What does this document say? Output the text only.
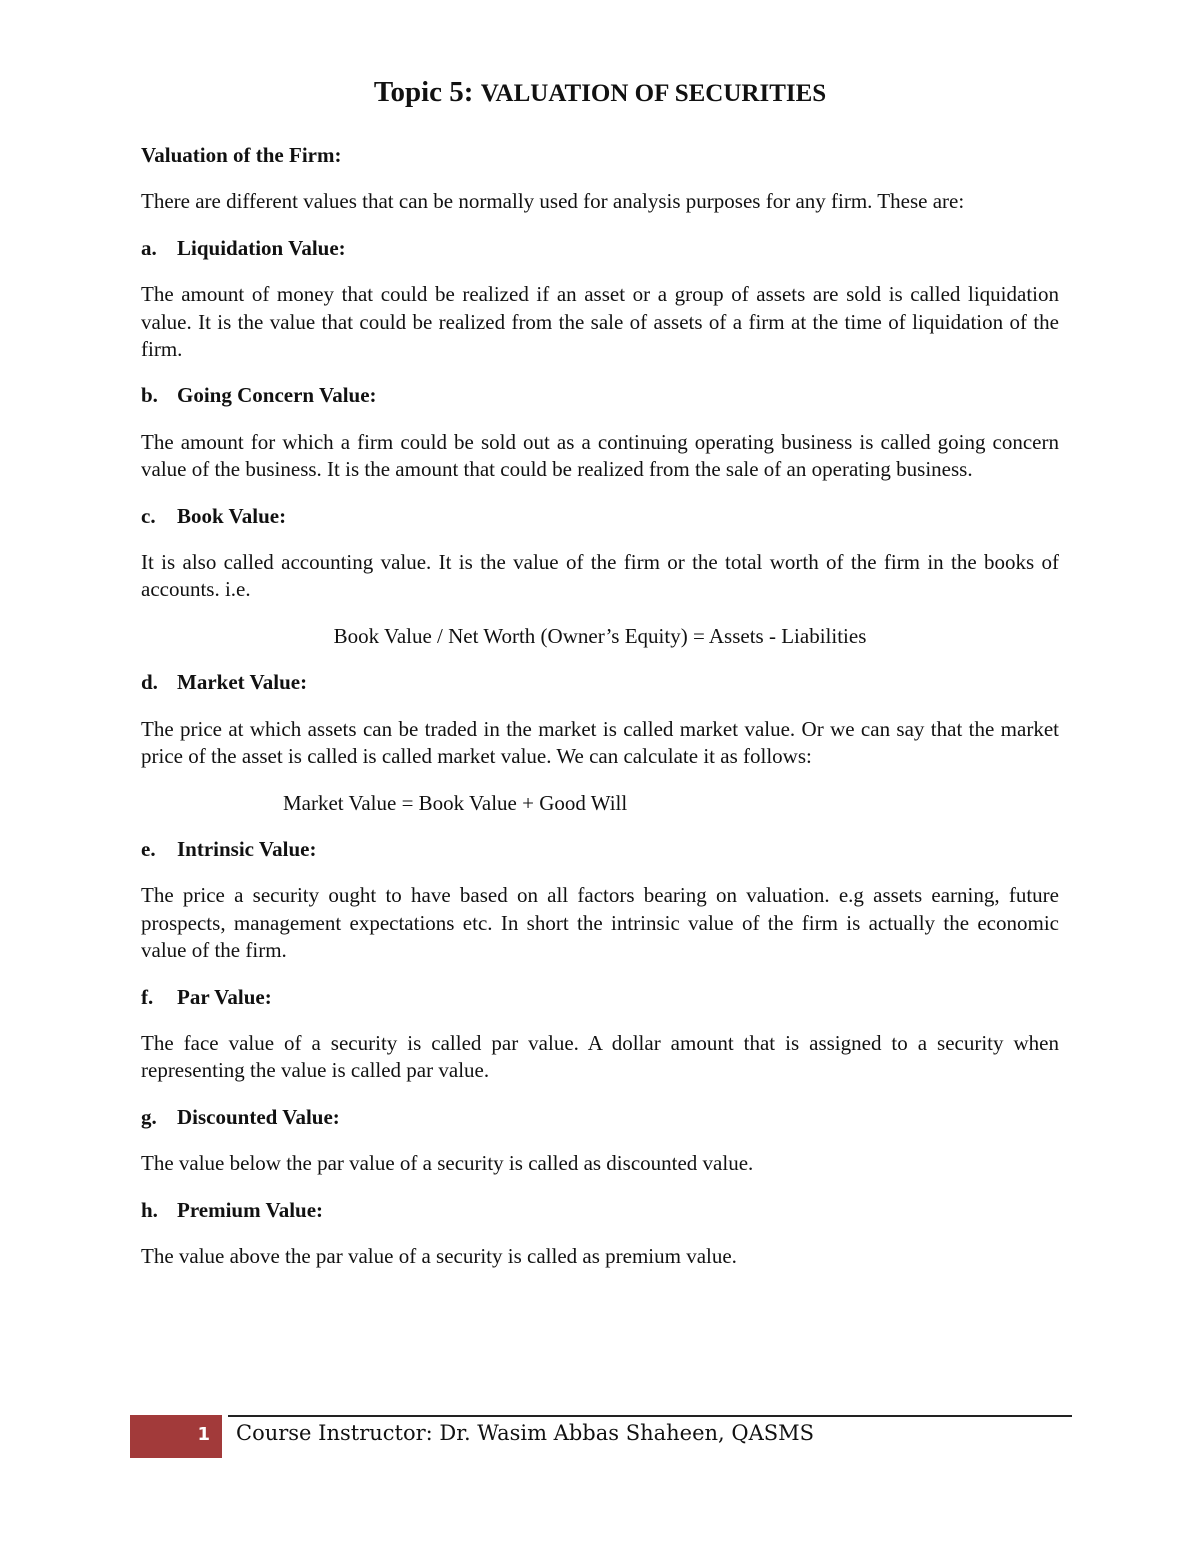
Topic 5: VALUATION OF SECURITIES

Valuation of the Firm:

There are different values that can be normally used for analysis purposes for any firm. These are:

a. Liquidation Value:

The amount of money that could be realized if an asset or a group of assets are sold is called liquidation value. It is the value that could be realized from the sale of assets of a firm at the time of liquidation of the firm.

b. Going Concern Value:

The amount for which a firm could be sold out as a continuing operating business is called going concern value of the business. It is the amount that could be realized from the sale of an operating business.

c. Book Value:

It is also called accounting value. It is the value of the firm or the total worth of the firm in the books of accounts. i.e.

Book Value / Net Worth (Owner’s Equity) = Assets - Liabilities

d. Market Value:

The price at which assets can be traded in the market is called market value. Or we can say that the market price of the asset is called is called market value. We can calculate it as follows:

Market Value = Book Value + Good Will

e. Intrinsic Value:

The price a security ought to have based on all factors bearing on valuation. e.g assets earning, future prospects, management expectations etc. In short the intrinsic value of the firm is actually the economic value of the firm.

f. Par Value:

The face value of a security is called par value. A dollar amount that is assigned to a security when representing the value is called par value.

g. Discounted Value:

The value below the par value of a security is called as discounted value.

h. Premium Value:

The value above the par value of a security is called as premium value.

1 Course Instructor: Dr. Wasim Abbas Shaheen, QASMS
